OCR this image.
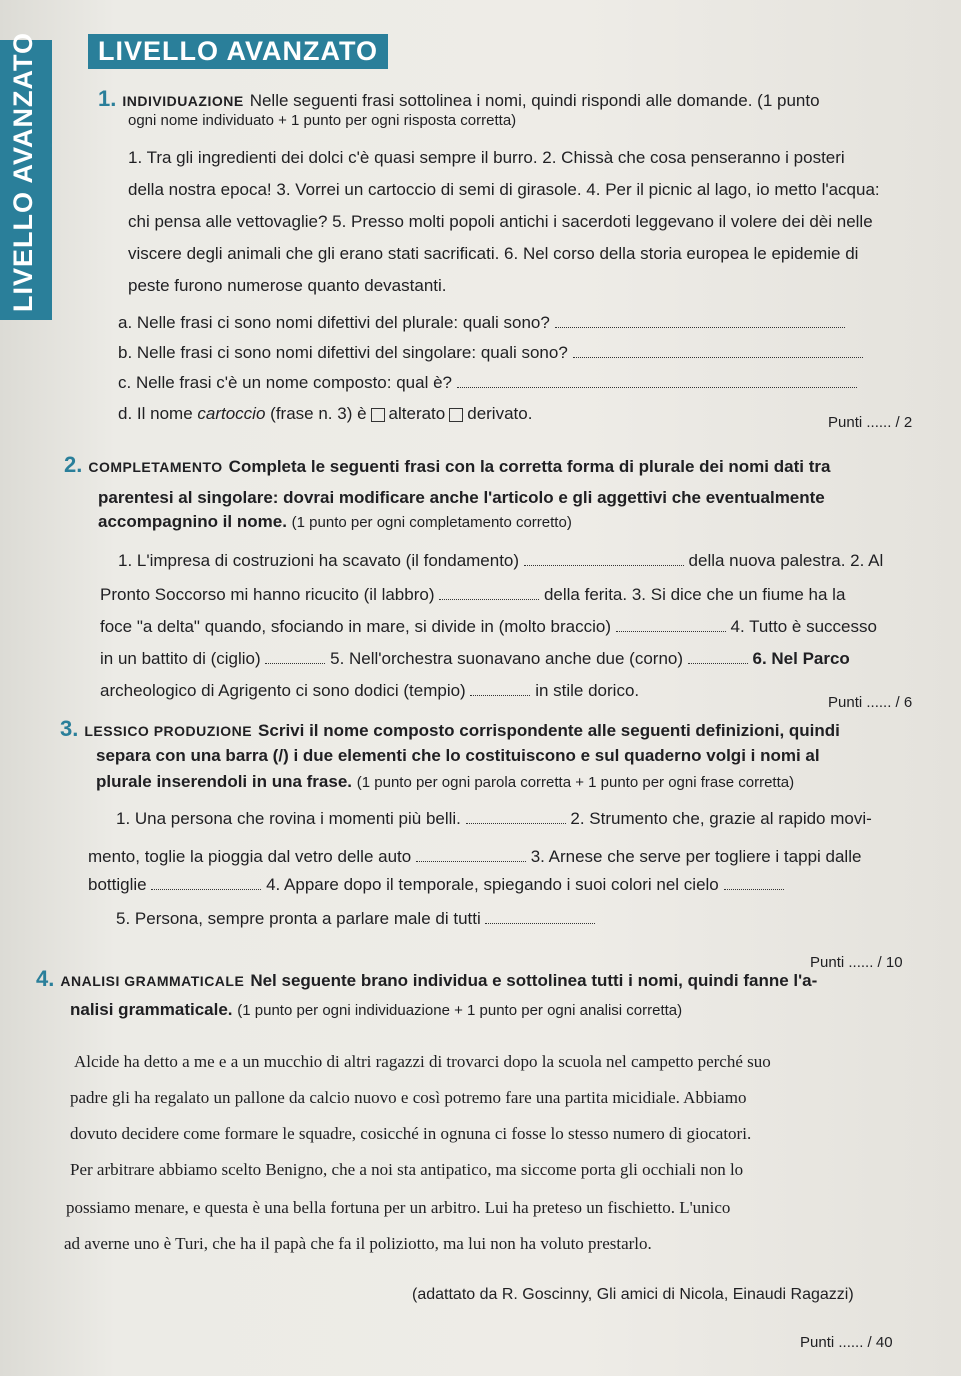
LIVELLO AVANZATO	LIVELLO AVANZATO
1. INDIVIDUAZIONE Nelle seguenti frasi sottolinea i nomi, quindi rispondi alle domande. (1 punto
ogni nome individuato + 1 punto per ogni risposta corretta)
1. Tra gli ingredienti dei dolci c'è quasi sempre il burro. 2. Chissà che cosa penseranno i posteri
della nostra epoca! 3. Vorrei un cartoccio di semi di girasole. 4. Per il picnic al lago, io metto l'acqua:
chi pensa alle vettovaglie? 5. Presso molti popoli antichi i sacerdoti leggevano il volere dei dèi nelle
viscere degli animali che gli erano stati sacrificati. 6. Nel corso della storia europea le epidemie di
peste furono numerose quanto devastanti.
a. Nelle frasi ci sono nomi difettivi del plurale: quali sono?
b. Nelle frasi ci sono nomi difettivi del singolare: quali sono?
c. Nelle frasi c'è un nome composto: qual è?
d. Il nome cartoccio (frase n. 3) è alterato derivato.	Punti ...... / 2
2. COMPLETAMENTO Completa le seguenti frasi con la corretta forma di plurale dei nomi dati tra
parentesi al singolare: dovrai modificare anche l'articolo e gli aggettivi che eventualmente
accompagnino il nome. (1 punto per ogni completamento corretto)
1. L'impresa di costruzioni ha scavato (il fondamento)	della nuova palestra. 2. Al
Pronto Soccorso mi hanno ricucito (il labbro)	della ferita. 3. Si dice che un fiume ha la
foce "a delta" quando, sfociando in mare, si divide in (molto braccio)	4. Tutto è successo
in un battito di (ciglio)	5. Nell'orchestra suonavano anche due (corno)	6. Nel Parco
archeologico di Agrigento ci sono dodici (tempio)	in stile dorico.
Punti ...... / 6
3. LESSICO PRODUZIONE Scrivi il nome composto corrispondente alle seguenti definizioni, quindi
separa con una barra (/) i due elementi che lo costituiscono e sul quaderno volgi i nomi al
plurale inserendoli in una frase. (1 punto per ogni parola corretta + 1 punto per ogni frase corretta)
1. Una persona che rovina i momenti più belli.	2. Strumento che, grazie al rapido movi-
mento, toglie la pioggia dal vetro delle auto	3. Arnese che serve per togliere i tappi dalle
bottiglie	4. Appare dopo il temporale, spiegando i suoi colori nel cielo
5. Persona, sempre pronta a parlare male di tutti
Punti ...... / 10
4. ANALISI GRAMMATICALE Nel seguente brano individua e sottolinea tutti i nomi, quindi fanne l'a-
nalisi grammaticale. (1 punto per ogni individuazione + 1 punto per ogni analisi corretta)
Alcide ha detto a me e a un mucchio di altri ragazzi di trovarci dopo la scuola nel campetto perché suo
padre gli ha regalato un pallone da calcio nuovo e così potremo fare una partita micidiale. Abbiamo
dovuto decidere come formare le squadre, cosicché in ognuna ci fosse lo stesso numero di giocatori.
Per arbitrare abbiamo scelto Benigno, che a noi sta antipatico, ma siccome porta gli occhiali non lo
possiamo menare, e questa è una bella fortuna per un arbitro. Lui ha preteso un fischietto. L'unico
ad averne uno è Turi, che ha il papà che fa il poliziotto, ma lui non ha voluto prestarlo.
(adattato da R. Goscinny, Gli amici di Nicola, Einaudi Ragazzi)
Punti ...... / 40
